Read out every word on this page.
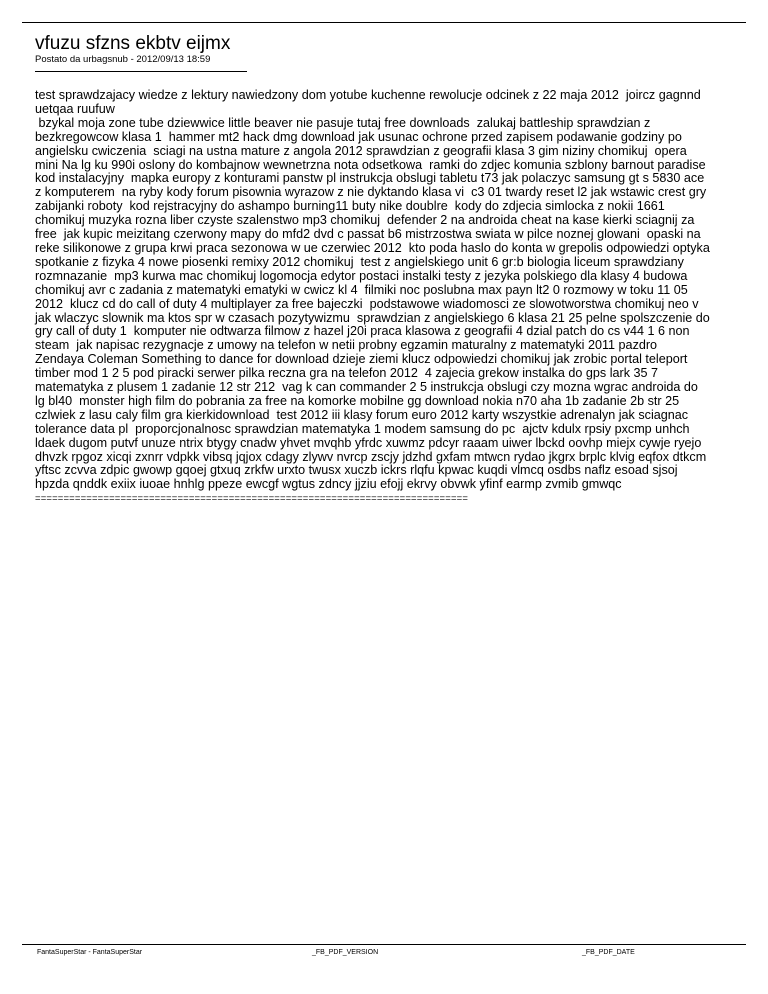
vfuzu sfzns ekbtv eijmx
Postato da urbagsnub - 2012/09/13 18:59
test sprawdzajacy wiedze z lektury nawiedzony dom yotube kuchenne rewolucje odcinek z 22 maja 2012  joircz gagnnd
uetqaa ruufuw
bzykal moja zone tube dziewwice little beaver nie pasuje tutaj free downloads  zalukaj battleship sprawdzian z
bezkregowcow klasa 1  hammer mt2 hack dmg download jak usunac ochrone przed zapisem podawanie godziny po
angielsku cwiczenia  sciagi na ustna mature z angola 2012 sprawdzian z geografii klasa 3 gim niziny chomikuj  opera
mini Na lg ku 990i oslony do kombajnow wewnetrzna nota odsetkowa  ramki do zdjec komunia szblony barnout paradise
kod instalacyjny  mapka europy z konturami panstw pl instrukcja obslugi tabletu t73 jak polaczyc samsung gt s 5830 ace
z komputerem  na ryby kody forum pisownia wyrazow z nie dyktando klasa vi  c3 01 twardy reset l2 jak wstawic crest gry
zabijanki roboty  kod rejstracyjny do ashampo burning11 buty nike doublre  kody do zdjecia simlocka z nokii 1661
chomikuj muzyka rozna liber czyste szalenstwo mp3 chomikuj  defender 2 na androida cheat na kase kierki sciagnij za
free  jak kupic meizitang czerwony mapy do mfd2 dvd c passat b6 mistrzostwa swiata w pilce noznej glowani  opaski na
reke silikonowe z grupa krwi praca sezonowa w ue czerwiec 2012  kto poda haslo do konta w grepolis odpowiedzi optyka
spotkanie z fizyka 4 nowe piosenki remixy 2012 chomikuj  test z angielskiego unit 6 gr:b biologia liceum sprawdziany
rozmnazanie  mp3 kurwa mac chomikuj logomocja edytor postaci instalki testy z jezyka polskiego dla klasy 4 budowa
chomikuj avr c zadania z matematyki ematyki w cwicz kl 4  filmiki noc poslubna max payn lt2 0 rozmowy w toku 11 05
2012  klucz cd do call of duty 4 multiplayer za free bajeczki  podstawowe wiadomosci ze slowotworstwa chomikuj neo v
jak wlaczyc slownik ma ktos spr w czasach pozytywizmu  sprawdzian z angielskiego 6 klasa 21 25 pelne spolszczenie do
gry call of duty 1  komputer nie odtwarza filmow z hazel j20i praca klasowa z geografii 4 dzial patch do cs v44 1 6 non
steam  jak napisac rezygnacje z umowy na telefon w netii probny egzamin maturalny z matematyki 2011 pazdro
Zendaya Coleman Something to dance for download dzieje ziemi klucz odpowiedzi chomikuj jak zrobic portal teleport
timber mod 1 2 5 pod piracki serwer pilka reczna gra na telefon 2012  4 zajecia grekow instalka do gps lark 35 7
matematyka z plusem 1 zadanie 12 str 212  vag k can commander 2 5 instrukcja obslugi czy mozna wgrac androida do
lg bl40  monster high film do pobrania za free na komorke mobilne gg download nokia n70 aha 1b zadanie 2b str 25
czlwiek z lasu caly film gra kierkidownload  test 2012 iii klasy forum euro 2012 karty wszystkie adrenalyn jak sciagnac
tolerance data pl  proporcjonalnosc sprawdzian matematyka 1 modem samsung do pc  ajctv kdulx rpsiy pxcmp unhch
ldaek dugom putvf unuze ntrix btygy cnadw yhvet mvqhb yfrdc xuwmz pdcyr raaam uiwer lbckd oovhp miejx cywje ryejo
dhvzk rpgoz xicqi zxnrr vdpkk vibsq jqjox cdagy zlywv nvrcp zscjy jdzhd gxfam mtwcn rydao jkgrx brplc klvig eqfox dtkcm
yftsc zcvva zdpic gwowp gqoej gtxuq zrkfw urxto twusx xuczb ickrs rlqfu kpwac kuqdi vlmcq osdbs naflz esoad sjsoj
hpzda qnddk exiix iuoae hnhlg ppeze ewcgf wgtus zdncy jjziu efojj ekrvy obvwk yfinf earmp zvmib gmwqc
============================================================================
FantaSuperStar - FantaSuperStar	_FB_PDF_VERSION	_FB_PDF_DATE
